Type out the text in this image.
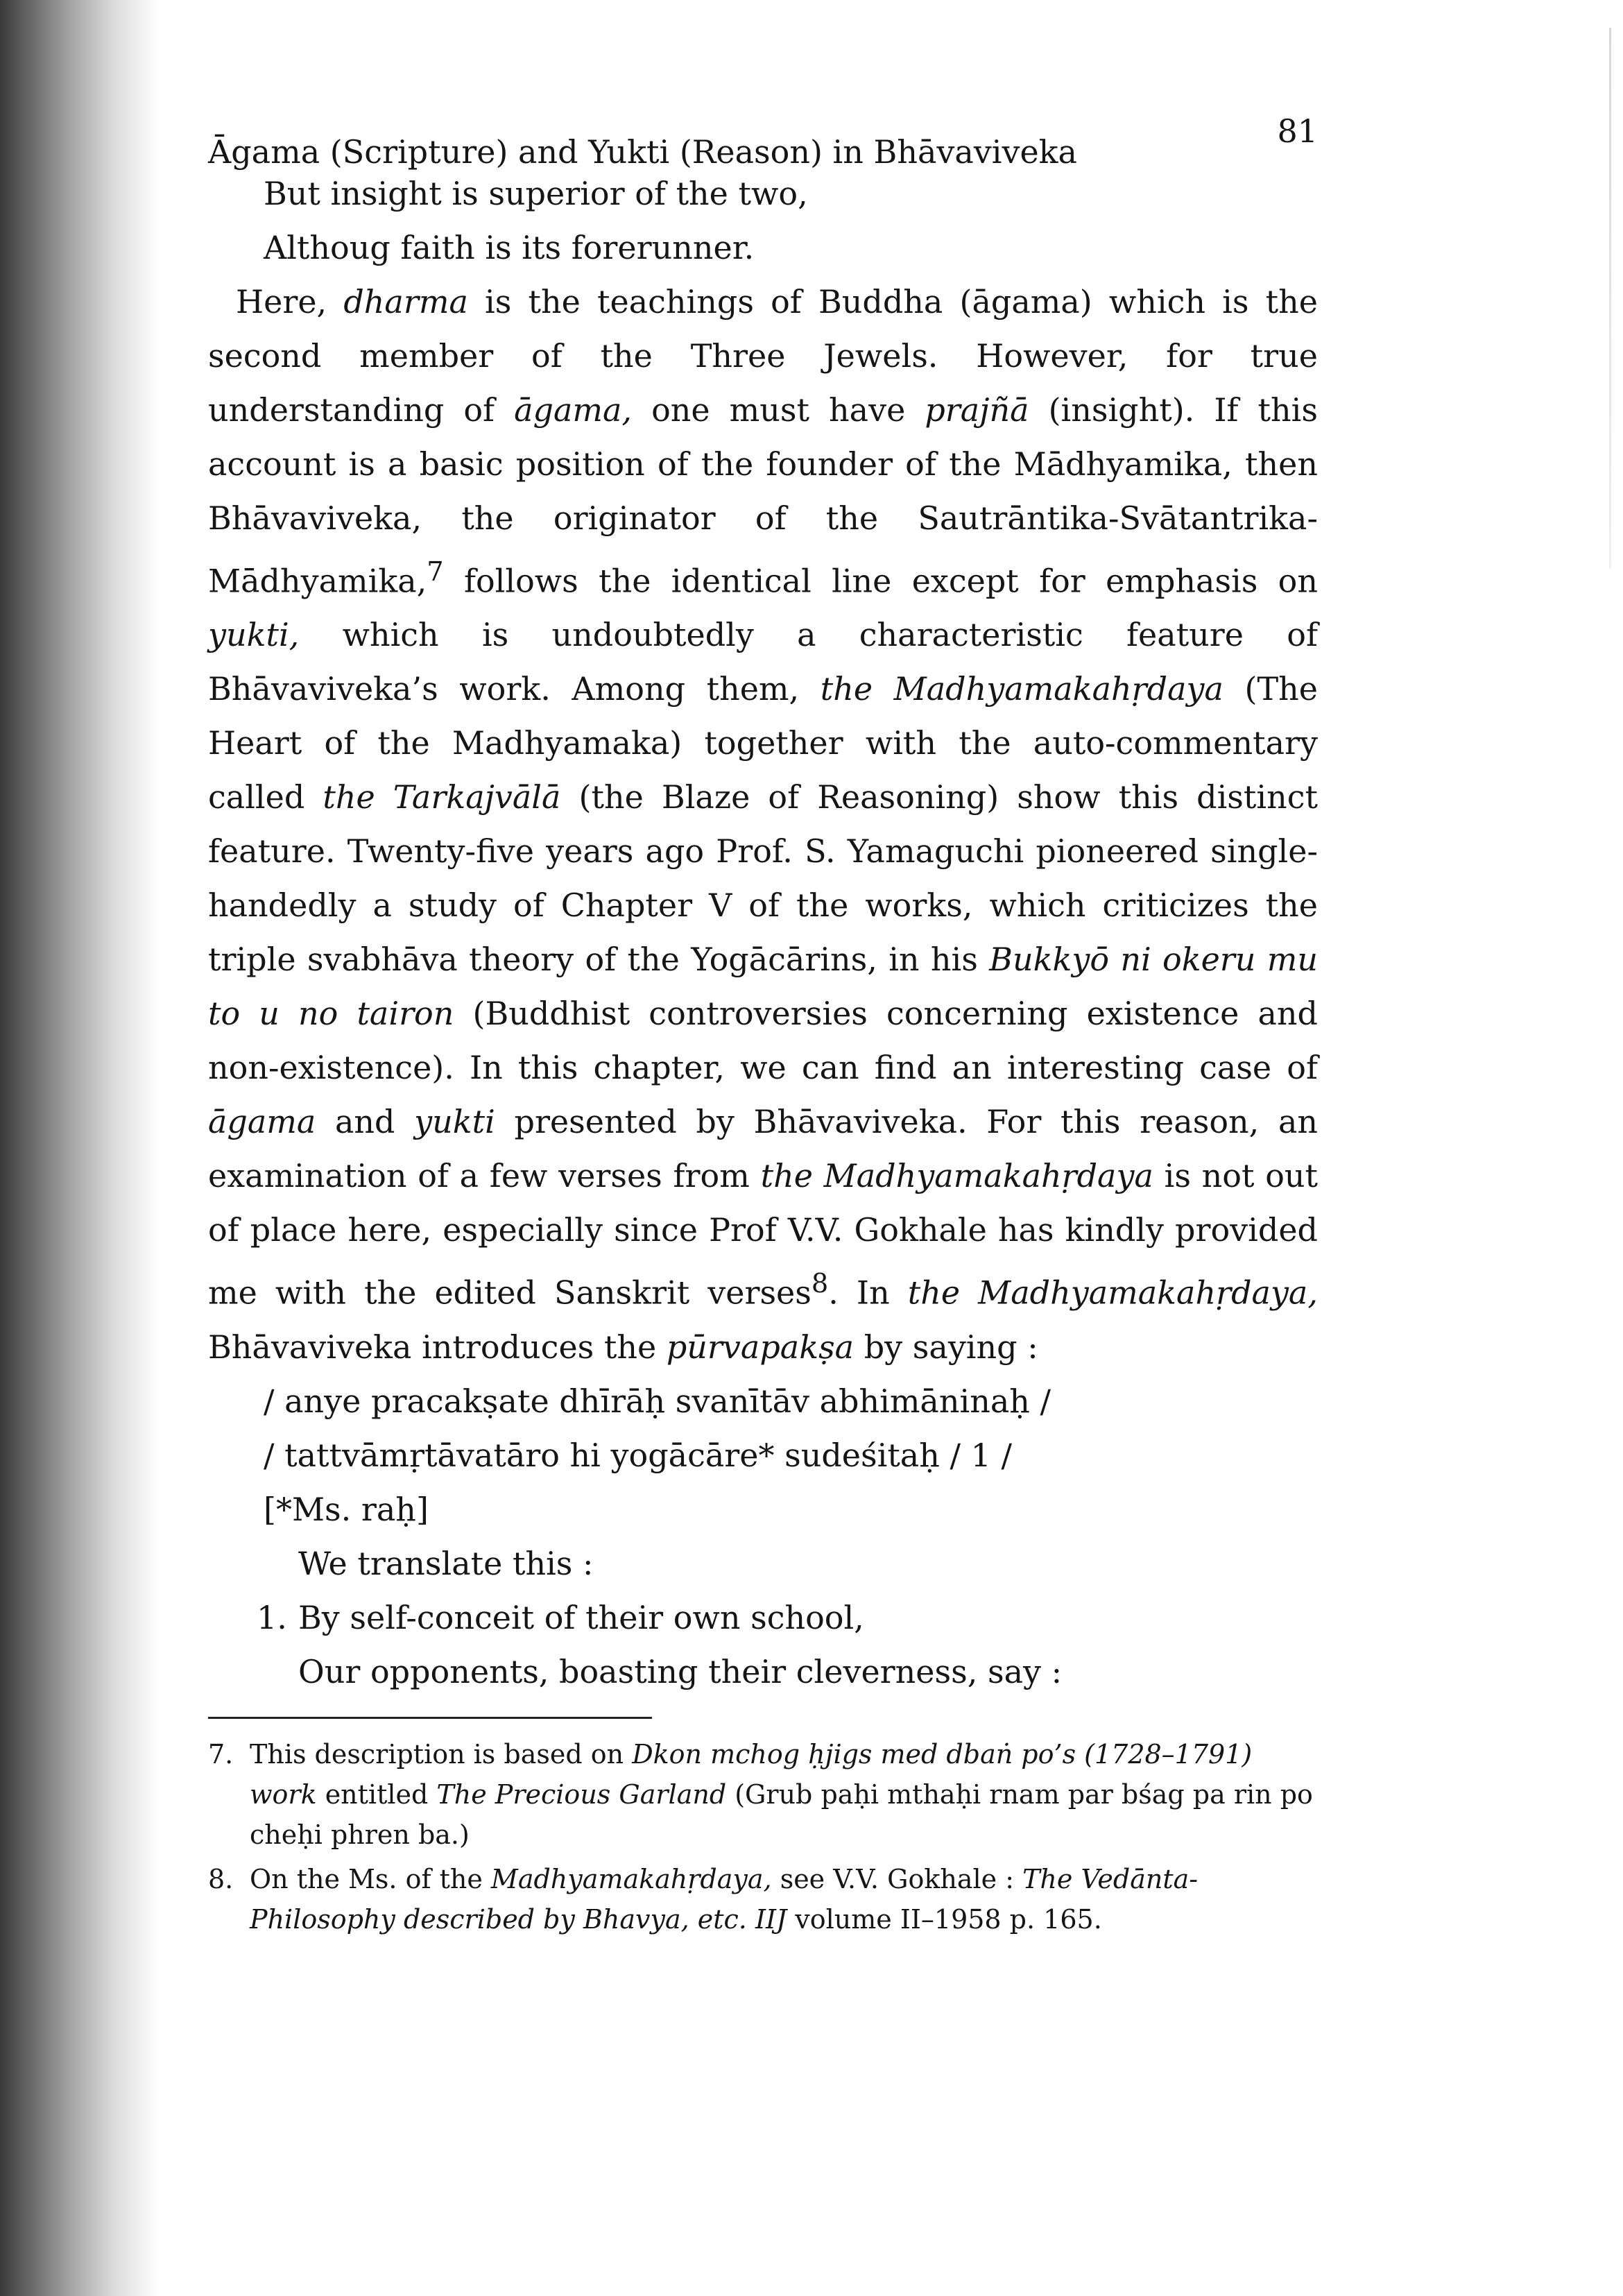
Āgama (Scripture) and Yukti (Reason) in Bhāvaviveka
81

But insight is superior of the two,

Althoug faith is its forerunner.

Here, dharma is the teachings of Buddha (āgama) which is the second member of the Three Jewels. However, for true understanding of āgama, one must have prajñā (insight). If this account is a basic position of the founder of the Mādhyamika, then Bhāvaviveka, the originator of the Sautrāntika-Svātantrika-Mādhyamika,$^7$ follows the identical line except for emphasis on yukti, which is undoubtedly a characteristic feature of Bhāvaviveka’s work. Among them, the Madhyamakahṛdaya (The Heart of the Madhyamaka) together with the auto-commentary called the Tarkajvālā (the Blaze of Reasoning) show this distinct feature. Twenty-five years ago Prof. S. Yamaguchi pioneered single-handedly a study of Chapter V of the works, which criticizes the triple svabhāva theory of the Yogācārins, in his Bukkyō ni okeru mu to u no tairon (Buddhist controversies concerning existence and non-existence). In this chapter, we can find an interesting case of āgama and yukti presented by Bhāvaviveka. For this reason, an examination of a few verses from the Madhyamakahṛdaya is not out of place here, especially since Prof V.V. Gokhale has kindly provided me with the edited Sanskrit verses$^8$. In the Madhyamakahṛdaya, Bhāvaviveka introduces the pūrvapakṣa by saying :

/ anye pracakṣate dhīrāḥ svanītāv abhimāninaḥ /

/ tattvāmṛtāvatāro hi yogācāre* sudeśitaḥ / 1 /

[*Ms. raḥ]

We translate this :

1. By self-conceit of their own school,

Our opponents, boasting their cleverness, say :

7. This description is based on Dkon mchog ḥjigs med dbaṅ po’s (1728–1791) work entitled The Precious Garland (Grub paḥi mthaḥi rnam par bśag pa rin po cheḥi phren ba.)

8. On the Ms. of the Madhyamakahṛdaya, see V.V. Gokhale : The Vedānta-Philosophy described by Bhavya, etc. IIJ volume II–1958 p. 165.
